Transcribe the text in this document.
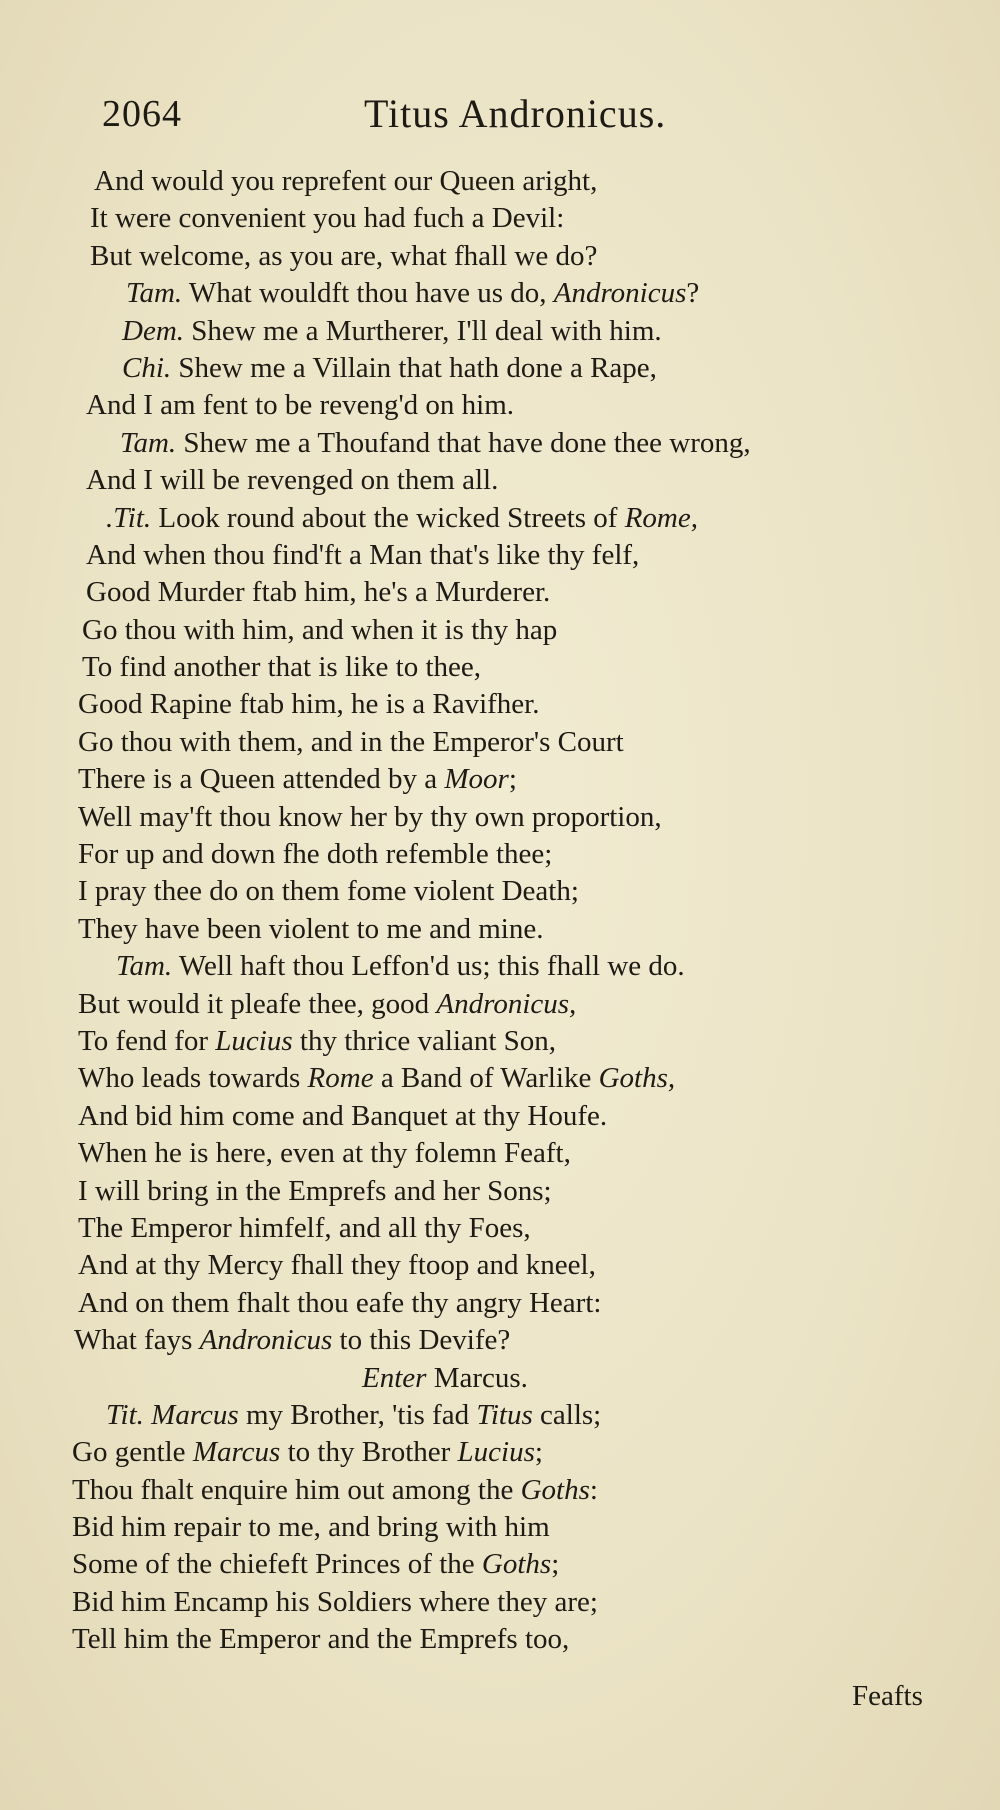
2064	Titus Andronicus.
And would you reprefent our Queen aright,
It were convenient you had fuch a Devil:
But welcome, as you are, what fhall we do?
Tam. What wouldft thou have us do, Andronicus?
Dem. Shew me a Murtherer, I'll deal with him.
Chi. Shew me a Villain that hath done a Rape,
And I am fent to be reveng'd on him.
Tam. Shew me a Thoufand that have done thee wrong,
And I will be revenged on them all.
.Tit. Look round about the wicked Streets of Rome,
And when thou find'ft a Man that's like thy felf,
Good Murder ftab him, he's a Murderer.
Go thou with him, and when it is thy hap
To find another that is like to thee,
Good Rapine ftab him, he is a Ravifher.
Go thou with them, and in the Emperor's Court
There is a Queen attended by a Moor;
Well may'ft thou know her by thy own proportion,
For up and down fhe doth refemble thee;
I pray thee do on them fome violent Death;
They have been violent to me and mine.
Tam. Well haft thou Leffon'd us; this fhall we do.
But would it pleafe thee, good Andronicus,
To fend for Lucius thy thrice valiant Son,
Who leads towards Rome a Band of Warlike Goths,
And bid him come and Banquet at thy Houfe.
When he is here, even at thy folemn Feaft,
I will bring in the Emprefs and her Sons;
The Emperor himfelf, and all thy Foes,
And at thy Mercy fhall they ftoop and kneel,
And on them fhalt thou eafe thy angry Heart:
What fays Andronicus to this Devife?
Enter Marcus.
Tit. Marcus my Brother, 'tis fad Titus calls;
Go gentle Marcus to thy Brother Lucius;
Thou fhalt enquire him out among the Goths:
Bid him repair to me, and bring with him
Some of the chiefeft Princes of the Goths;
Bid him Encamp his Soldiers where they are;
Tell him the Emperor and the Emprefs too,
Feafts
